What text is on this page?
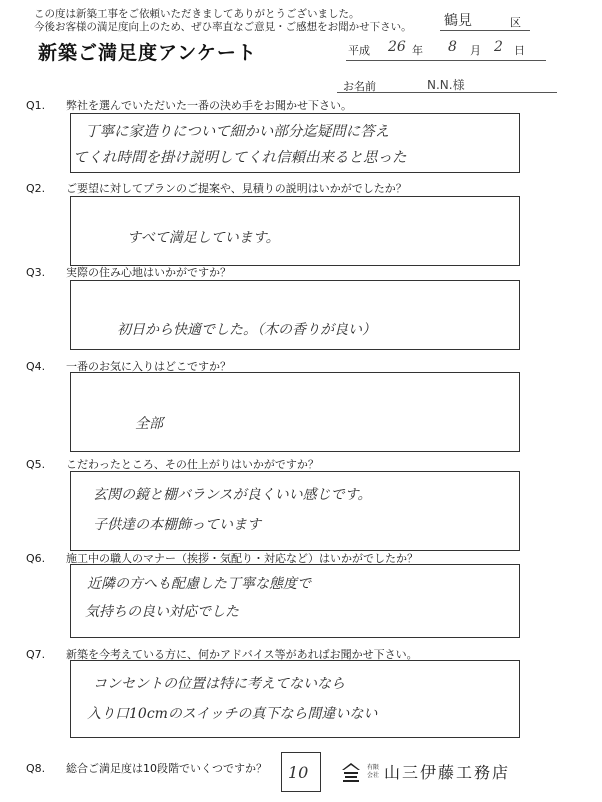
この度は新築工事をご依頼いただきましてありがとうございました。
今後お客様の満足度向上のため、ぜひ率直なご意見・ご感想をお聞かせ下さい。
新築ご満足度アンケート
鶴見	区
平成 26 年 8 月 2 日
お名前	N.N.様
Q1. 弊社を選んでいただいた一番の決め手をお聞かせ下さい。
丁寧に家造りについて細かい部分迄疑問に答え
てくれ時間を掛け説明してくれ信頼出来ると思った
Q2. ご要望に対してプランのご提案や、見積りの説明はいかがでしたか？
すべて満足しています。
Q3. 実際の住み心地はいかがですか？
初日から快適でした。（木の香りが良い）
Q4. 一番のお気に入りはどこですか？
全部
Q5. こだわったところ、その仕上がりはいかがですか？
玄関の鏡と棚バランスが良くいい感じです。
子供達の本棚飾っています
Q6. 施工中の職人のマナー（挨拶・気配り・対応など）はいかがでしたか？
近隣の方へも配慮した丁寧な態度で
気持ちの良い対応でした
Q7. 新築を今考えている方に、何かアドバイス等があればお聞かせ下さい。
コンセントの位置は特に考えてないなら
入り口10cmのスイッチの真下なら間違いない
Q8. 総合ご満足度は10段階でいくつですか？ 10	有限会社 山三伊藤工務店
